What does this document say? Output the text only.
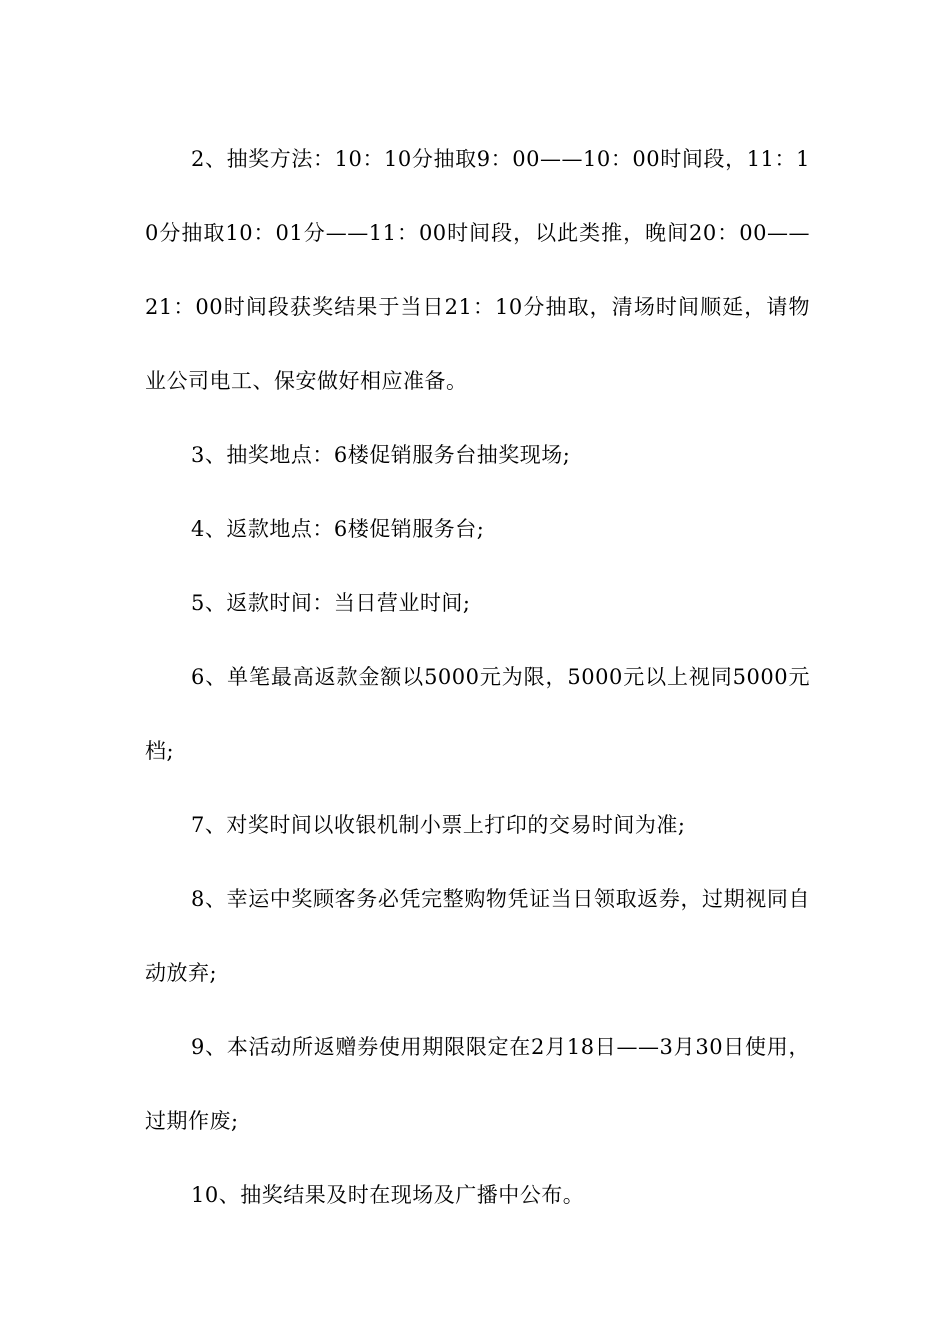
2、抽奖方法：10：10分抽取9：00——10：00时间段，11：10分抽取10：01分——11：00时间段，以此类推，晚间20：00——21：00时间段获奖结果于当日21：10分抽取，清场时间顺延，请物业公司电工、保安做好相应准备。

3、抽奖地点：6楼促销服务台抽奖现场;

4、返款地点：6楼促销服务台;

5、返款时间：当日营业时间;

6、单笔最高返款金额以5000元为限，5000元以上视同5000元档;

7、对奖时间以收银机制小票上打印的交易时间为准;

8、幸运中奖顾客务必凭完整购物凭证当日领取返券，过期视同自动放弃;

9、本活动所返赠券使用期限限定在2月18日——3月30日使用，过期作废;

10、抽奖结果及时在现场及广播中公布。
